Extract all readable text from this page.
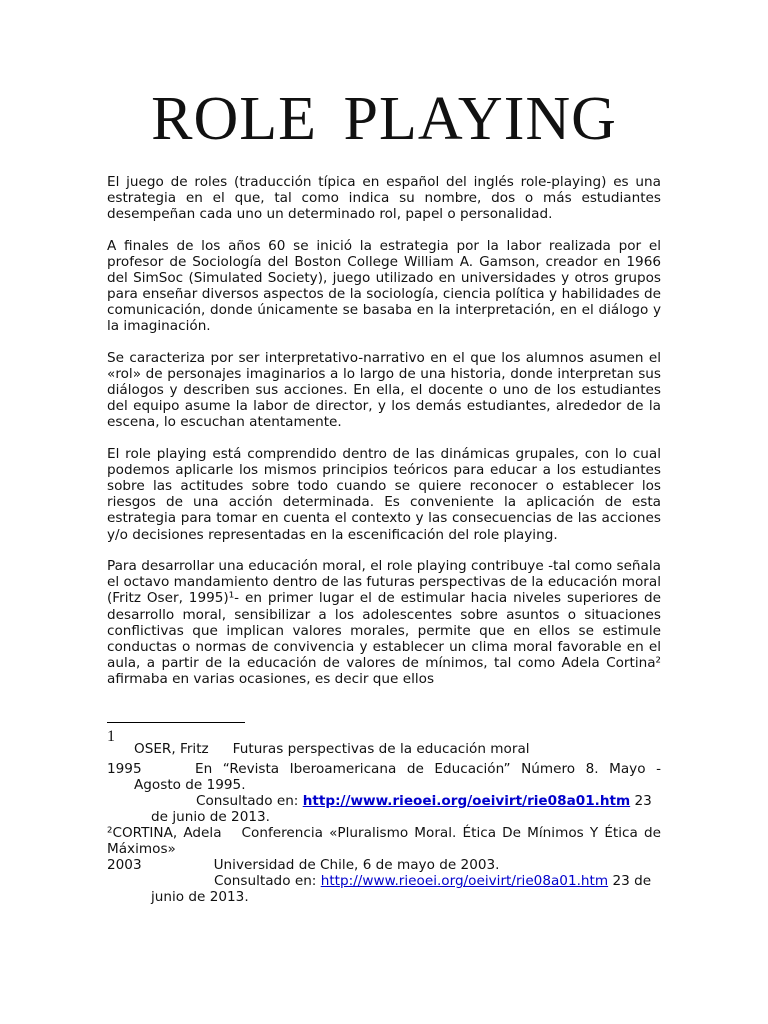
ROLE PLAYING

El juego de roles (traducción típica en español del inglés role-playing) es una estrategia en el que, tal como indica su nombre, dos o más estudiantes desempeñan cada uno un determinado rol, papel o personalidad.

A finales de los años 60 se inició la estrategia por la labor realizada por el profesor de Sociología del Boston College William A. Gamson, creador en 1966 del SimSoc (Simulated Society), juego utilizado en universidades y otros grupos para enseñar diversos aspectos de la sociología, ciencia política y habilidades de comunicación, donde únicamente se basaba en la interpretación, en el diálogo y la imaginación.

Se caracteriza por ser interpretativo-narrativo en el que los alumnos asumen el «rol» de personajes imaginarios a lo largo de una historia, donde interpretan sus diálogos y describen sus acciones. En ella, el docente o uno de los estudiantes del equipo asume la labor de director, y los demás estudiantes, alrededor de la escena, lo escuchan atentamente.

El role playing está comprendido dentro de las dinámicas grupales, con lo cual podemos aplicarle los mismos principios teóricos para educar a los estudiantes sobre las actitudes sobre todo cuando se quiere reconocer o establecer los riesgos de una acción determinada. Es conveniente la aplicación de esta estrategia para tomar en cuenta el contexto y las consecuencias de las acciones y/o decisiones representadas en la escenificación del role playing.

Para desarrollar una educación moral, el role playing contribuye -tal como señala el octavo mandamiento dentro de las futuras perspectivas de la educación moral (Fritz Oser, 1995)¹- en primer lugar el de estimular hacia niveles superiores de desarrollo moral, sensibilizar a los adolescentes sobre asuntos o situaciones conflictivas que implican valores morales, permite que en ellos se estimule conductas o normas de convivencia y establecer un clima moral favorable en el aula, a partir de la educación de valores de mínimos, tal como Adela Cortina² afirmaba en varias ocasiones, es decir que ellos

1
OSER, Fritz Futuras perspectivas de la educación moral
1995	En “Revista Iberoamericana de Educación” Número 8. Mayo - Agosto de 1995.
Consultado en: http://www.rieoei.org/oeivirt/rie08a01.htm 23 de junio de 2013.
²CORTINA, Adela Conferencia «Pluralismo Moral. Ética De Mínimos Y Ética de Máximos»
2003	Universidad de Chile, 6 de mayo de 2003.
Consultado en: http://www.rieoei.org/oeivirt/rie08a01.htm 23 de junio de 2013.
